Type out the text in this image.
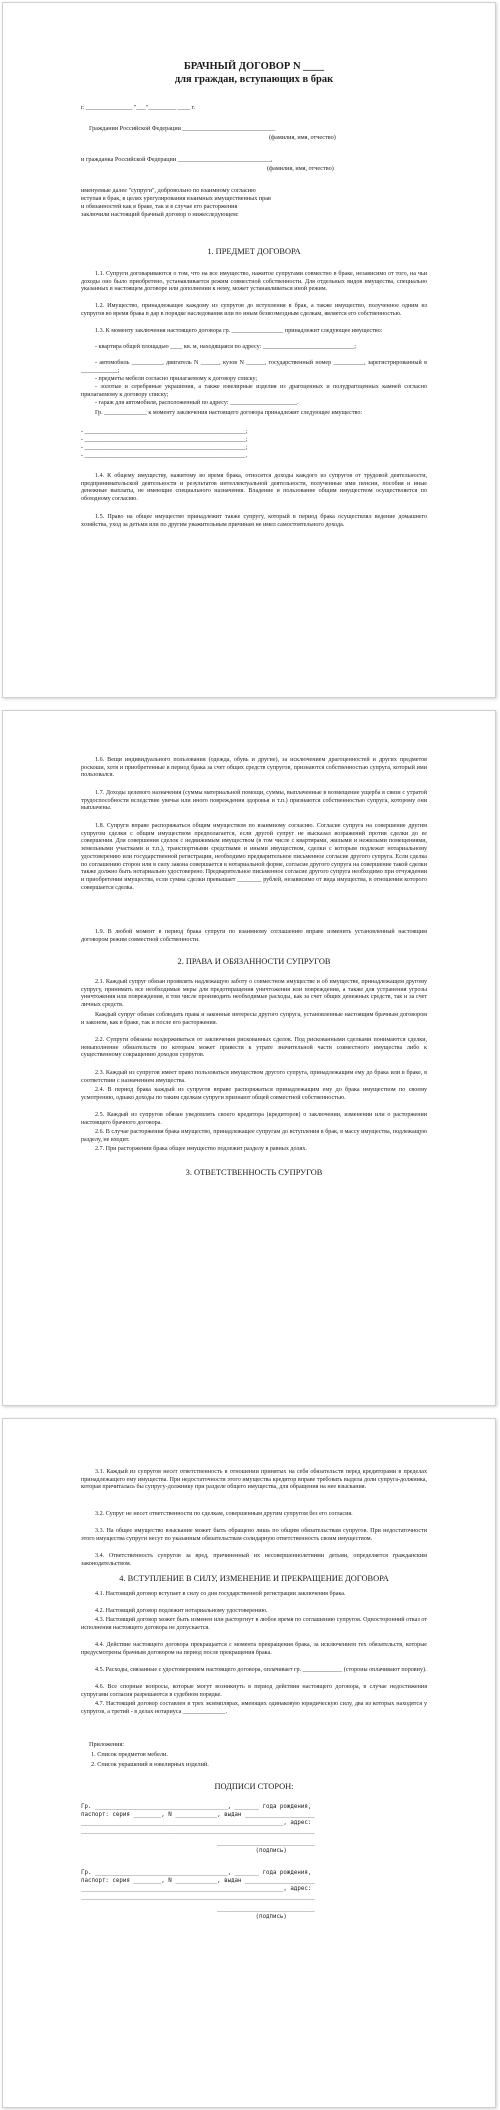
БРАЧНЫЙ ДОГОВОР N ____
для граждан, вступающих в брак
г. _______________ "___"_________ ____ г.
Граждании Российской Федерации ______________________________
(фамилия, имя, отчество)
и гражданка Российской Федерации ______________________________,
(фамилия, имя, отчество)
именуемые далее "супруги", добровольно по взаимному согласию
вступая в брак, в целях урегулирования взаимных имущественных прав
и обязанностей как в браке, так и в случае его расторжения
заключили настоящий брачный договор о нижеследующем:
1. ПРЕДМЕТ ДОГОВОРА
1.1. Супруги договариваются о том, что на все имущество, нажитое супругами совместно в браке, независимо от того, на чьи доходы оно было приобретено, устанавливается режим совместной собственности. Для отдельных видов имущества, специально указанных в настоящем договоре или дополнении к нему, может устанавливаться иной режим.
1.2. Имущество, принадлежащее каждому из супругов до вступления в брак, а также имущество, полученное одним из супругов во время брака в дар в порядке наследования или по иным безвозмездным сделкам, является его собственностью.
1.3. К моменту заключения настоящего договора гр. _________________ принадлежит следующее имущество:
- квартира общей площадью ____ кв. м, находящаяся по адресу: ______________________________;
- автомобиль __________, двигатель N ______, кузов N ______, государственный номер __________, зарегистрированный в ____________;
- предметы мебели согласно прилагаемому к договору списку;
- золотые и серебряные украшения, а также ювелирные изделия из драгоценных и полудрагоценных камней согласно прилагаемому к договору списку;
- гараж для автомобиля, расположенный по адресу: ______________________.
Гр. ______________ к моменту заключения настоящего договора принадлежит следующее имущество:
- ____________________________________________________;
- ____________________________________________________;
- ____________________________________________________;
- ____________________________________________________.
1.4. К общему имуществу, нажитому во время брака, относятся доходы каждого из супругов от трудовой деятельности, предпринимательской деятельности и результатов интеллектуальной деятельности, полученные ими пенсии, пособия и иные денежные выплаты, не имеющие специального назначения. Владение и пользование общим имуществом осуществляется по обоюдному согласию.
1.5. Право на общее имущество принадлежит также супругу, который в период брака осуществлял ведение домашнего хозяйства, уход за детьми или по другим уважительным причинам не имел самостоятельного дохода.
1.6. Вещи индивидуального пользования (одежда, обувь и другие), за исключением драгоценностей и других предметов роскоши, хотя и приобретенные в период брака за счет общих средств супругов, признаются собственностью супруга, который ими пользовался.
1.7. Доходы целевого назначения (суммы материальной помощи, суммы, выплаченные в возмещение ущерба в связи с утратой трудоспособности вследствие увечья или иного повреждения здоровья и т.п.) признаются собственностью супруга, которому они выплачены.
1.8. Супруги вправе распоряжаться общим имуществом по взаимному согласию. Согласие супруга на совершение другим супругом сделки с общим имуществом предполагается, если другой супруг не высказал возражений против сделки до ее совершения. Для совершения сделок с недвижимым имуществом (в том числе с квартирами, жилыми и нежилыми помещениями, земельными участками и т.п.), транспортными средствами и иными имуществом, сделки с которым подлежат нотариальному удостоверению или государственной регистрации, необходимо предварительное письменное согласие другого супруга. Если сделка по соглашению сторон или в силу закона совершается в нотариальной форме, согласие другого супруга на совершение такой сделки также должно быть нотариально удостоверено. Предварительное письменное согласие другого супруга необходимо при отчуждении и приобретении имущества, если сумма сделки превышает ________ рублей, независимо от вида имущества, в отношении которого совершается сделка.
1.9. В любой момент в период брака супруги по взаимному соглашению вправе изменить установленный настоящим договором режим совместной собственности.
2. ПРАВА И ОБЯЗАННОСТИ СУПРУГОВ
2.1. Каждый супруг обязан проявлять надлежащую заботу о совместном имуществе и об имуществе, принадлежащем другому супругу, принимать все необходимые меры для предотвращения уничтожения или повреждения, а также для устранения угрозы уничтожения или повреждения, в том числе производить необходимые расходы, как за счет общих денежных средств, так и за счет личных средств.
Каждый супруг обязан соблюдать права и законные интересы другого супруга, установленные настоящим брачным договором и законом, как в браке, так и после его расторжения.
2.2. Супруги обязаны воздерживаться от заключения рискованных сделок. Под рискованными сделками понимаются сделки, невыполнение обязательств по которым может привести к утрате значительной части совместного имущества либо к существенному сокращению доходов супругов.
2.3. Каждый из супругов имеет право пользоваться имуществом другого супруга, принадлежащим ему до брака или в браке, в соответствии с назначением имущества.
2.4. В период брака каждый из супругов вправе распоряжаться принадлежащим ему до брака имуществом по своему усмотрению, однако доходы по таким сделкам супруги признают общей совместной собственностью.
2.5. Каждый из супругов обязан уведомлять своего кредитора (кредиторов) о заключении, изменении или о расторжении настоящего брачного договора.
2.6. В случае расторжения брака имущество, принадлежащее супругам до вступления в брак, в массу имущества, подлежащую разделу, не входит.
2.7. При расторжении брака общее имущество подлежит разделу в равных долях.
3. ОТВЕТСТВЕННОСТЬ СУПРУГОВ
3.1. Каждый из супругов несет ответственность в отношении принятых на себя обязательств перед кредиторами в пределах принадлежащего ему имущества. При недостаточности этого имущества кредитор вправе требовать выдела доли супруга-должника, которая причиталась бы супругу-должнику при разделе общего имущества, для обращения на нее взыскания.
3.2. Супруг не несет ответственности по сделкам, совершенным другим супругом без его согласия.
3.3. На общее имущество взыскание может быть обращено лишь по общим обязательствам супругов. При недостаточности этого имущества супруги несут по указанным обязательствам солидарную ответственность своим имуществом.
3.4. Ответственность супругов за вред, причиненный их несовершеннолетними детьми, определяется гражданским законодательством.
4. ВСТУПЛЕНИЕ В СИЛУ, ИЗМЕНЕНИЕ И ПРЕКРАЩЕНИЕ ДОГОВОРА
4.1. Настоящий договор вступает в силу со дня государственной регистрации заключения брака.
4.2. Настоящий договор подлежит нотариальному удостоверению.
4.3. Настоящий договор может быть изменен или расторгнут в любое время по соглашению супругов. Односторонний отказ от исполнения настоящего договора не допускается.
4.4. Действие настоящего договора прекращается с момента прекращения брака, за исключением тех обязательств, которые предусмотрены брачным договором на период после прекращения брака.
4.5. Расходы, связанные с удостоверением настоящего договора, оплачивает гр. _____________ (стороны оплачивают поровну).
4.6. Все спорные вопросы, которые могут возникнуть в период действия настоящего договора, в случае недостижения супругами согласия разрешаются в судебном порядке.
4.7. Настоящий договор составлен в трех экземплярах, имеющих одинаковую юридическую силу, два из которых находятся у супругов, а третий - в делах нотариуса ______________.
Приложения:
1. Список предметов мебели.
2. Список украшений и ювелирных изделий.
ПОДПИСИ СТОРОН:
Гр. ______________________________________, _______ года рождения,
паспорт: серия ________, N ____________, выдан ____________________
__________________________________________________________, адрес:
___________________________________________________________________
____________________________
(подпись)
Гр. ______________________________________, _______ года рождения,
паспорт: серия ________, N ____________, выдан ____________________
__________________________________________________________, адрес:
___________________________________________________________________
____________________________
(подпись)
